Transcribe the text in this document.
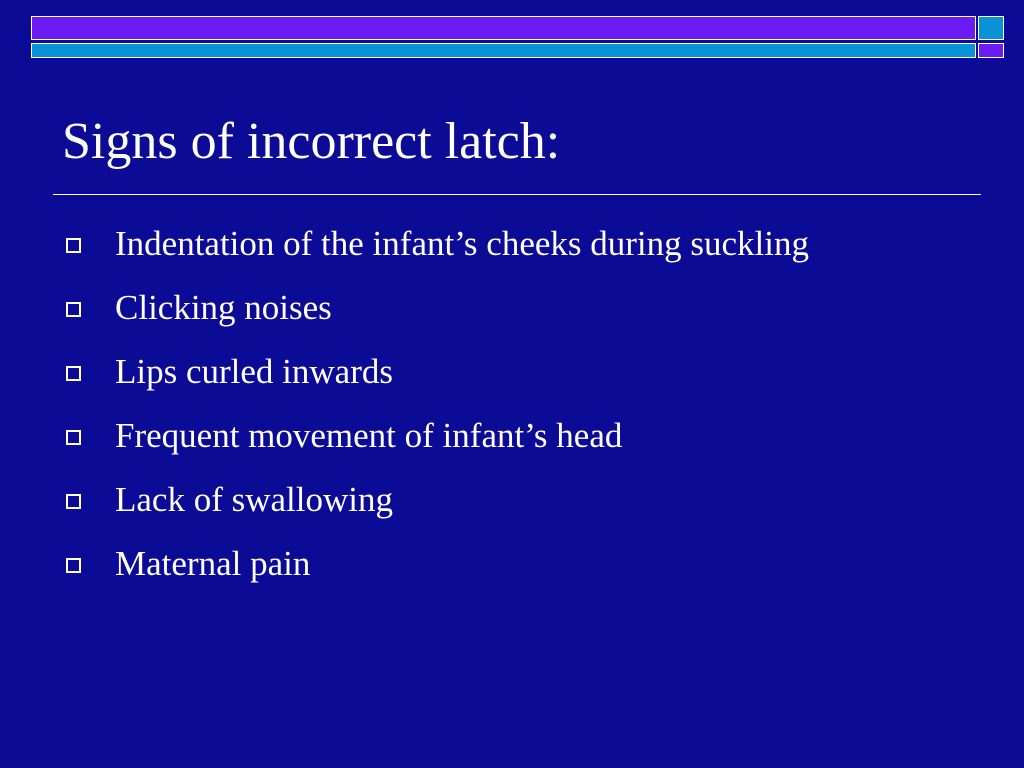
Signs of incorrect latch:
Indentation of the infant’s cheeks during suckling
Clicking noises
Lips curled inwards
Frequent movement of infant’s head
Lack of swallowing
Maternal pain
